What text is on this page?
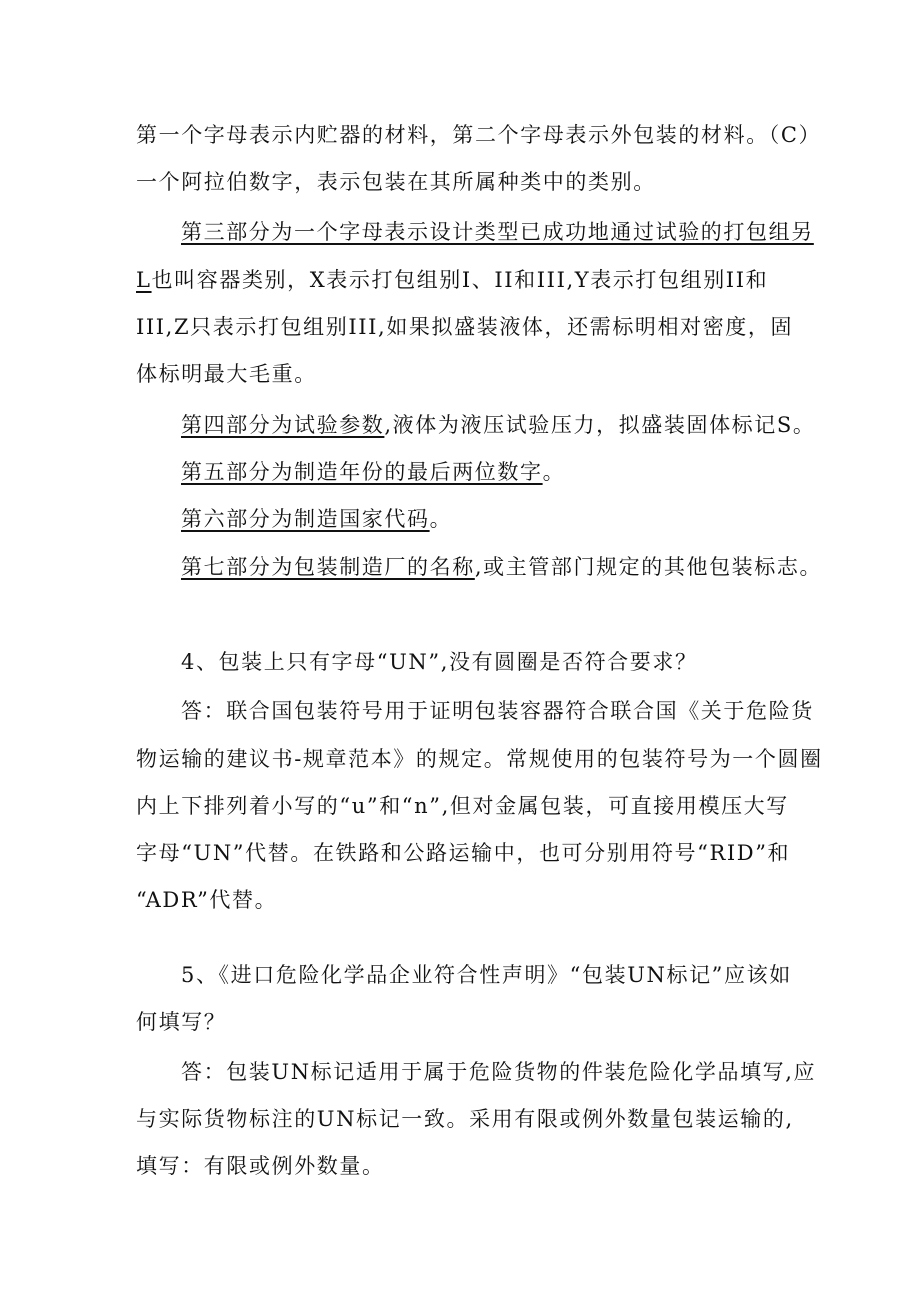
第一个字母表示内贮器的材料，第二个字母表示外包装的材料。（C）
一个阿拉伯数字，表示包装在其所属种类中的类别。
第三部分为一个字母表示设计类型已成功地通过试验的打包组另
L也叫容器类别，X表示打包组别I、II和III,Y表示打包组别II和
III,Z只表示打包组别III,如果拟盛装液体，还需标明相对密度，固
体标明最大毛重。
第四部分为试验参数,液体为液压试验压力，拟盛装固体标记S。
第五部分为制造年份的最后两位数字。
第六部分为制造国家代码。
第七部分为包装制造厂的名称,或主管部门规定的其他包装标志。
4、包装上只有字母“UN”,没有圆圈是否符合要求？
答：联合国包装符号用于证明包装容器符合联合国《关于危险货
物运输的建议书-规章范本》的规定。常规使用的包装符号为一个圆圈
内上下排列着小写的“u”和“n”,但对金属包装，可直接用模压大写
字母“UN”代替。在铁路和公路运输中，也可分别用符号“RID”和
“ADR”代替。
5、《进口危险化学品企业符合性声明》“包装UN标记”应该如
何填写？
答：包装UN标记适用于属于危险货物的件装危险化学品填写,应
与实际货物标注的UN标记一致。采用有限或例外数量包装运输的,
填写：有限或例外数量。
